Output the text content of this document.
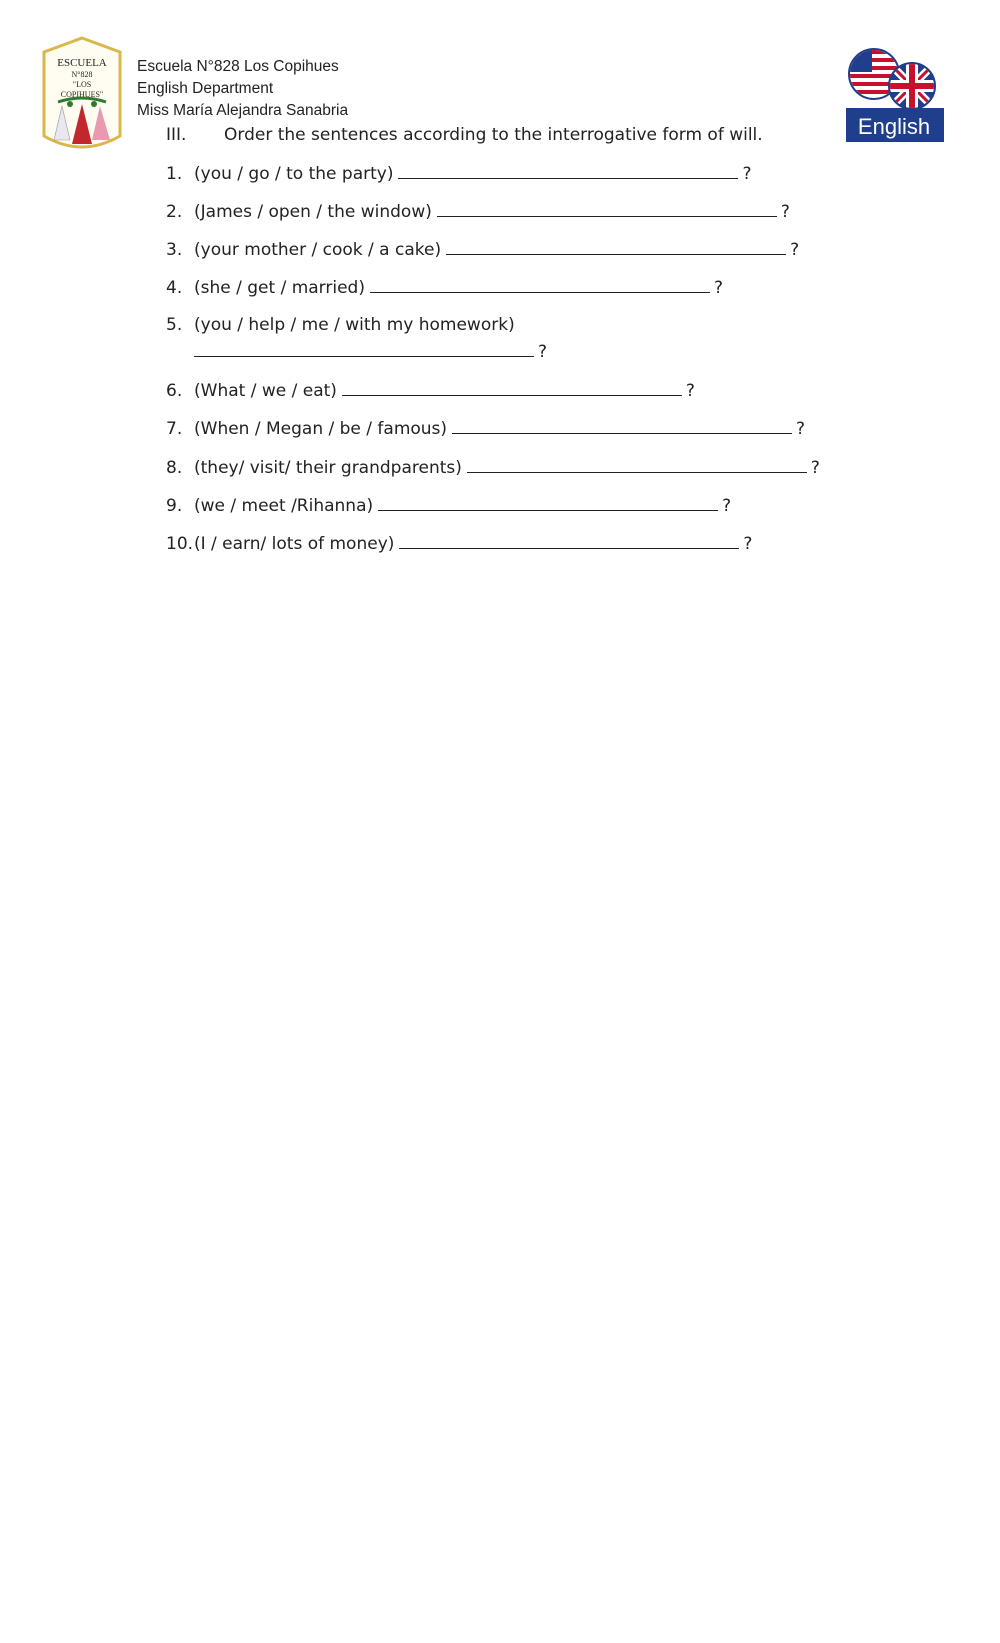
ESCUELA
N°828
"LOS
COPIHUES"
Escuela N°828 Los Copihues
English Department
Miss María Alejandra Sanabria
English
III. Order the sentences according to the interrogative form of will.
1. (you / go / to the party)	?
2. (James / open / the window)	?
3. (your mother / cook / a cake)	?
4. (she / get / married)	?
5. (you / help / me / with my homework)
?
6. (What / we / eat)	?
7. (When / Megan / be / famous)	?
8. (they/ visit/ their grandparents)	?
9. (we / meet /Rihanna)	?
10.(I / earn/ lots of money)	?
